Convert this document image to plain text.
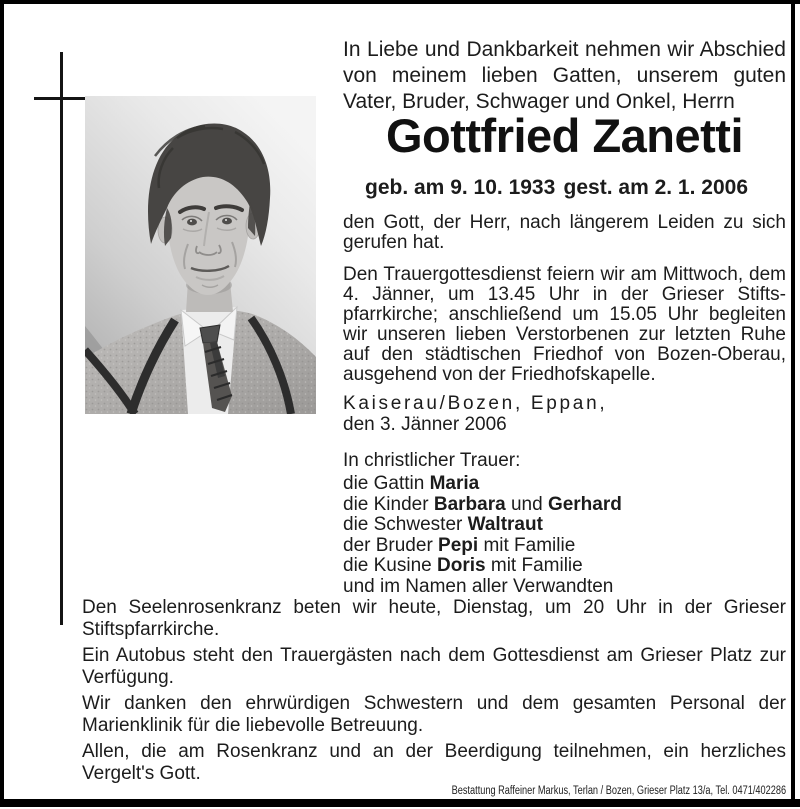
In Liebe und Dankbarkeit nehmen wir Abschied von meinem lieben Gatten, unserem guten Vater, Bruder, Schwager und Onkel, Herrn

Gottfried Zanetti
geb. am 9. 10. 1933 gest. am 2. 1. 2006

den Gott, der Herr, nach längerem Leiden zu sich gerufen hat.

Den Trauergottesdienst feiern wir am Mittwoch, dem 4. Jänner, um 13.45 Uhr in der Grieser Stiftspfarrkirche; anschließend um 15.05 Uhr begleiten wir unseren lieben Verstorbenen zur letzten Ruhe auf den städtischen Friedhof von Bozen-Oberau, ausgehend von der Friedhofskapelle.

Kaiserau/Bozen, Eppan,
den 3. Jänner 2006
In christlicher Trauer:
die Gattin Maria
die Kinder Barbara und Gerhard
die Schwester Waltraut
der Bruder Pepi mit Familie
die Kusine Doris mit Familie
und im Namen aller Verwandten

Den Seelenrosenkranz beten wir heute, Dienstag, um 20 Uhr in der Grieser Stiftspfarrkirche.

Ein Autobus steht den Trauergästen nach dem Gottesdienst am Grieser Platz zur Verfügung.

Wir danken den ehrwürdigen Schwestern und dem gesamten Personal der Marienklinik für die liebevolle Betreuung.

Allen, die am Rosenkranz und an der Beerdigung teilnehmen, ein herzliches Vergelt's Gott.

Bestattung Raffeiner Markus, Terlan / Bozen, Grieser Platz 13/a, Tel. 0471/402286
